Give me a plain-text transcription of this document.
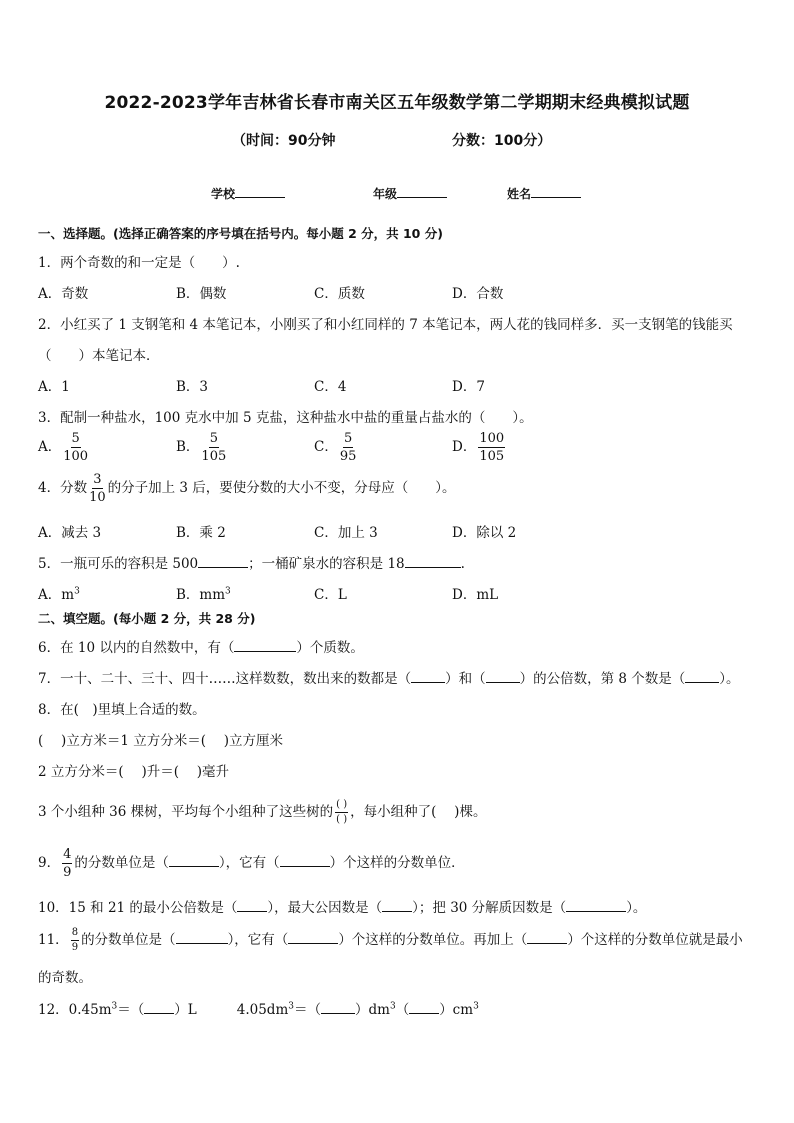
2022-2023学年吉林省长春市南关区五年级数学第二学期期末经典模拟试题
（时间：90分钟	分数：100分）
学校	年级	姓名
一、选择题。(选择正确答案的序号填在括号内。每小题 2 分，共 10 分)
1．两个奇数的和一定是（　　）.
A．奇数	B．偶数	C．质数	D．合数
2．小红买了 1 支钢笔和 4 本笔记本，小刚买了和小红同样的 7 本笔记本，两人花的钱同样多．买一支钢笔的钱能买
（　　）本笔记本．
A．1	B．3	C．4	D．7
3．配制一种盐水，100 克水中加 5 克盐，这种盐水中盐的重量占盐水的（　　）。
A． $\frac{5}{100}$	B． $\frac{5}{105}$	C． $\frac{5}{95}$	D． $\frac{100}{105}$
4．分数 $\frac{3}{10}$ 的分子加上 3 后，要使分数的大小不变，分母应（　　）。
A．减去 3	B．乘 2	C．加上 3	D．除以 2
5．一瓶可乐的容积是 500	；一桶矿泉水的容积是 18	.
A．$m^3$	B．$mm^3$	C．L	D．mL
二、填空题。(每小题 2 分，共 28 分)
6．在 10 以内的自然数中，有（	）个质数。
7．一十、二十、三十、四十……这样数数，数出来的数都是（	）和（	）的公倍数，第 8 个数是（	）。
8．在(　)里填上合适的数。
(　 )立方米＝1 立方分米＝(　 )立方厘米
2 立方分米＝(　 )升＝(　 )毫升
3 个小组种 36 棵树，平均每个小组种了这些树的 $\frac{( )}{( )}$ ，每小组种了(　 )棵。
9． $\frac{4}{9}$ 的分数单位是（	），它有（	）个这样的分数单位．
10．15 和 21 的最小公倍数是（ ），最大公因数是（ ）；把 30 分解质因数是（	）。
11． $\frac{8}{9}$ 的分数单位是（	），它有（	）个这样的分数单位。再加上（	）个这样的分数单位就是最小
的奇数。
12．$0.45m^3=$（ ）L	$4.05dm^3=$（	）$dm^3$（ ）$cm^3$
